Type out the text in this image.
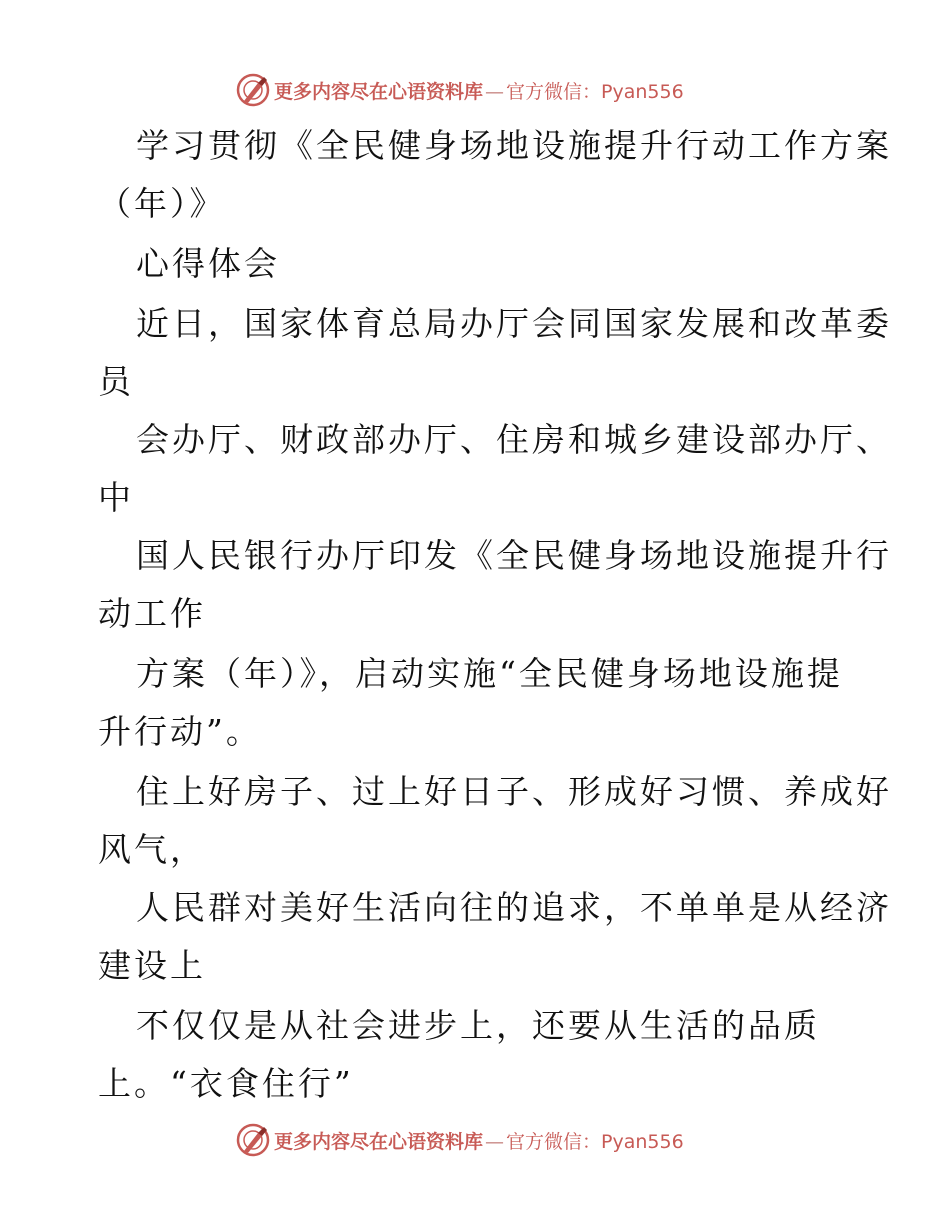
更多内容尽在心语资料库 — 官方微信：Pyan556
学习贯彻《全民健身场地设施提升行动工作方案
（年）》
心得体会
近日，国家体育总局办厅会同国家发展和改革委
员
会办厅、财政部办厅、住房和城乡建设部办厅、
中
国人民银行办厅印发《全民健身场地设施提升行
动工作
方案（年）》，启动实施“全民健身场地设施提
升行动”。
住上好房子、过上好日子、形成好习惯、养成好
风气，
人民群对美好生活向往的追求，不单单是从经济
建设上
不仅仅是从社会进步上，还要从生活的品质
上。“衣食住行”
更多内容尽在心语资料库 — 官方微信：Pyan556
